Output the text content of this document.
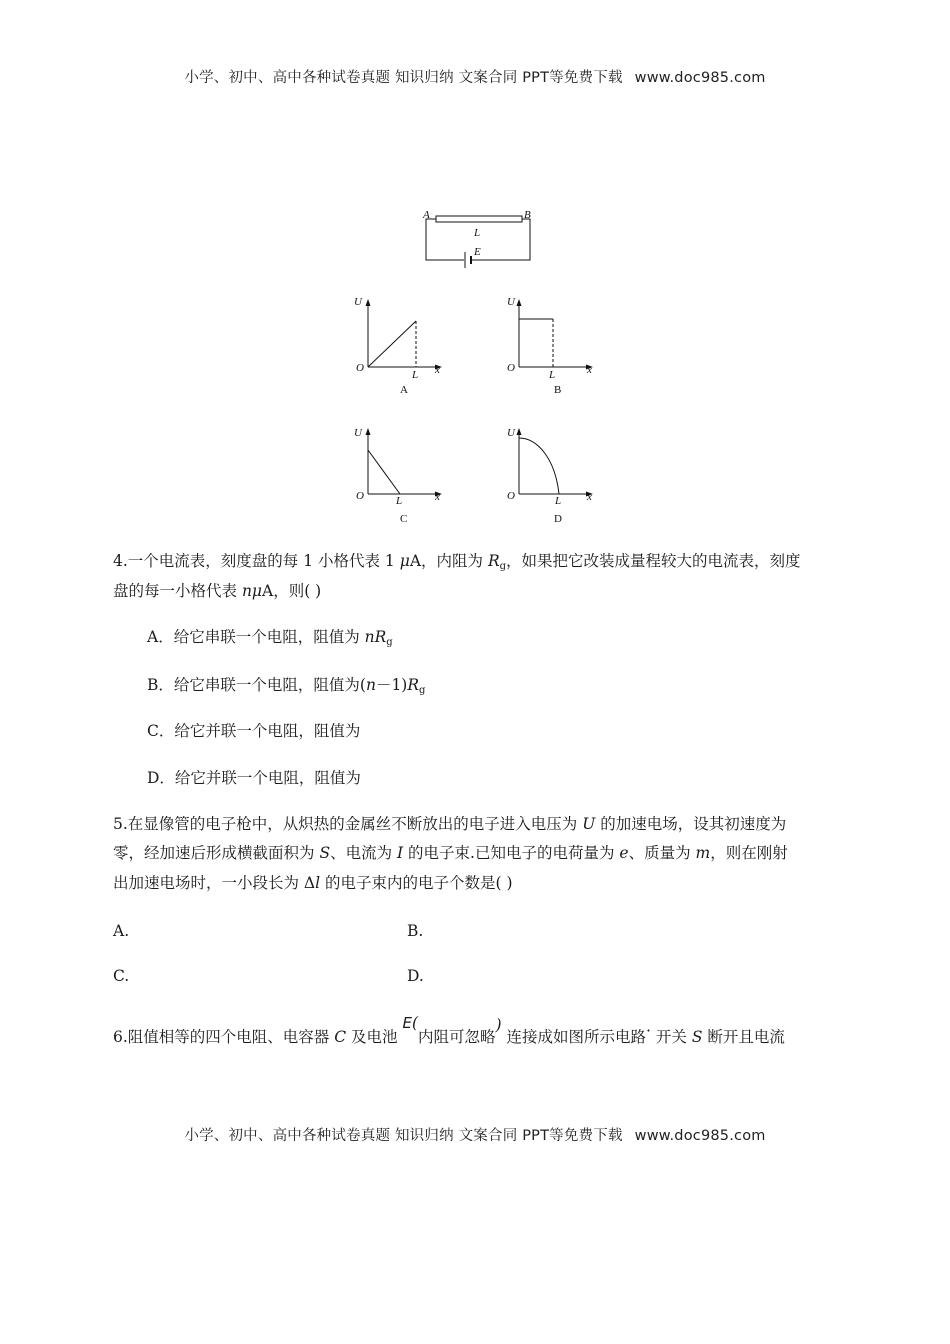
小学、初中、高中各种试卷真题 知识归纳 文案合同 PPT等免费下载 www.doc985.com
A	B
L
E
U
O
L x
A
U
O
L	x
B
U
O	L	x
C
U
O	L x
D
4.一个电流表，刻度盘的每 1 小格代表 1 μA，内阻为 $R_g$，如果把它改装成量程较大的电流表，刻度
盘的每一小格代表 nμA，则( )
A．给它串联一个电阻，阻值为 $nR_g$
B．给它串联一个电阻，阻值为$(n-1)R_g$
C．给它并联一个电阻，阻值为
D．给它并联一个电阻，阻值为
5.在显像管的电子枪中，从炽热的金属丝不断放出的电子进入电压为 U 的加速电场，设其初速度为
零，经加速后形成横截面积为 S、电流为 I 的电子束.已知电子的电荷量为 e、质量为 m，则在刚射
出加速电场时，一小段长为 Δl 的电子束内的电子个数是( )
A.	B.
C.	D.
6.阻值相等的四个电阻、电容器 C 及电池 E(内阻可忽略) 连接成如图所示电路· 开关 S 断开且电流
小学、初中、高中各种试卷真题 知识归纳 文案合同 PPT等免费下载 www.doc985.com
